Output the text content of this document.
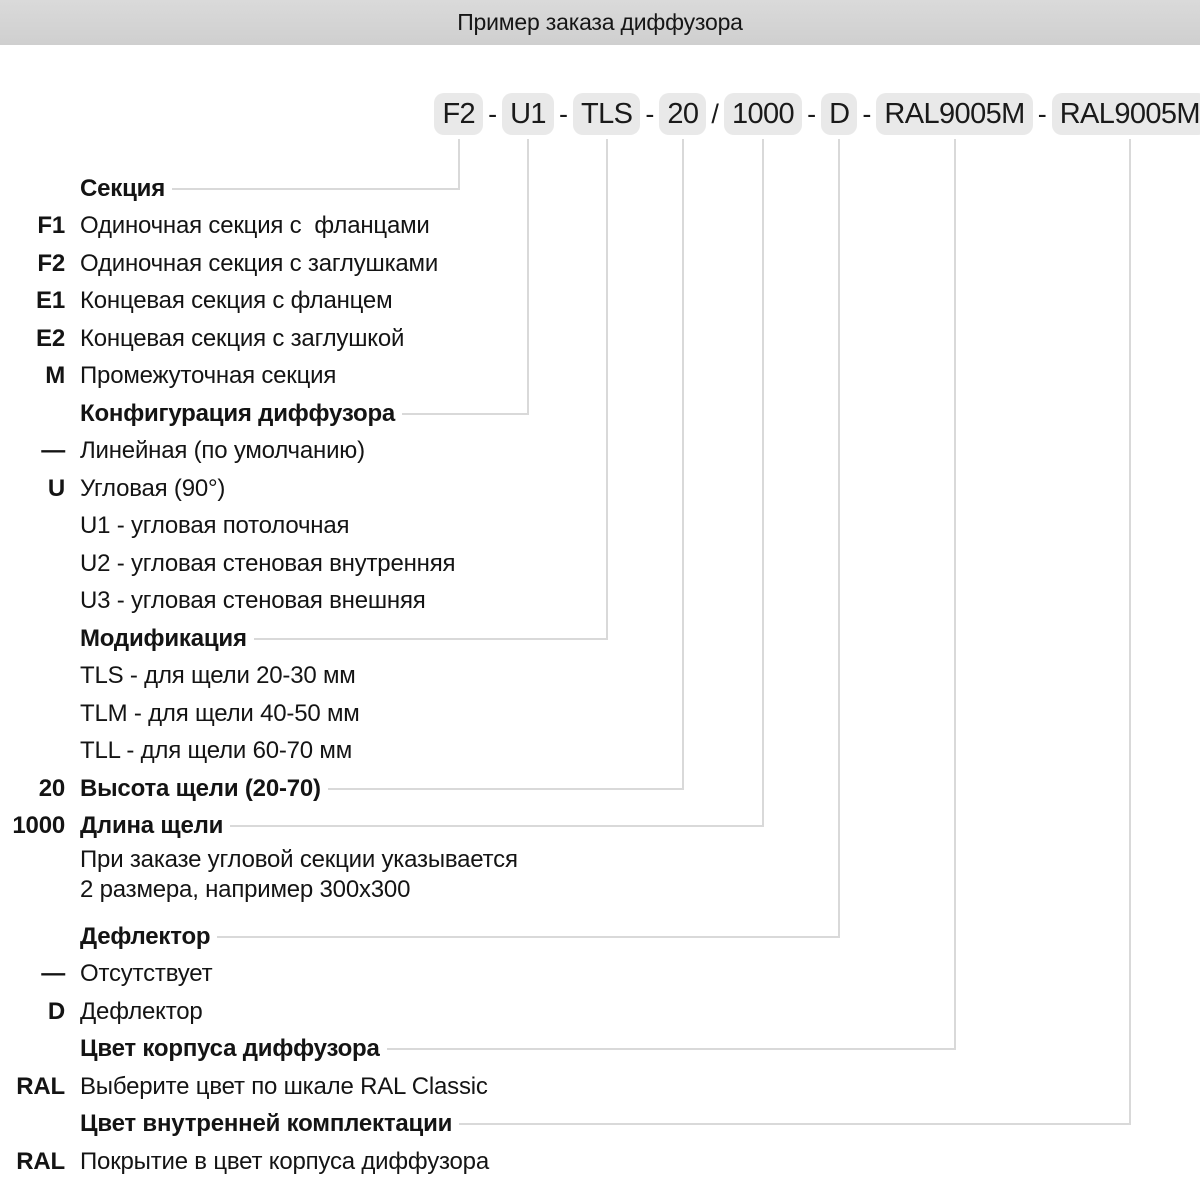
Пример заказа диффузора
F2 - U1 - TLS - 20 / 1000 - D - RAL9005M - RAL9005M
Секция
F1 Одиночная секция с  фланцами
F2 Одиночная секция с заглушками
E1 Концевая секция с фланцем
E2 Концевая секция с заглушкой
M Промежуточная секция
Конфигурация диффузора
— Линейная (по умолчанию)
U Угловая (90°)
U1 - угловая потолочная
U2 - угловая стеновая внутренняя
U3 - угловая стеновая внешняя
Модификация
TLS - для щели 20-30 мм
TLM - для щели 40-50 мм
TLL - для щели 60-70 мм
20 Высота щели (20-70)
1000 Длина щели
При заказе угловой секции указывается
2 размера, например 300х300
Дефлектор
— Отсутствует
D Дефлектор
Цвет корпуса диффузора
RAL Выберите цвет по шкале RAL Classic
Цвет внутренней комплектации
RAL Покрытие в цвет корпуса диффузора
